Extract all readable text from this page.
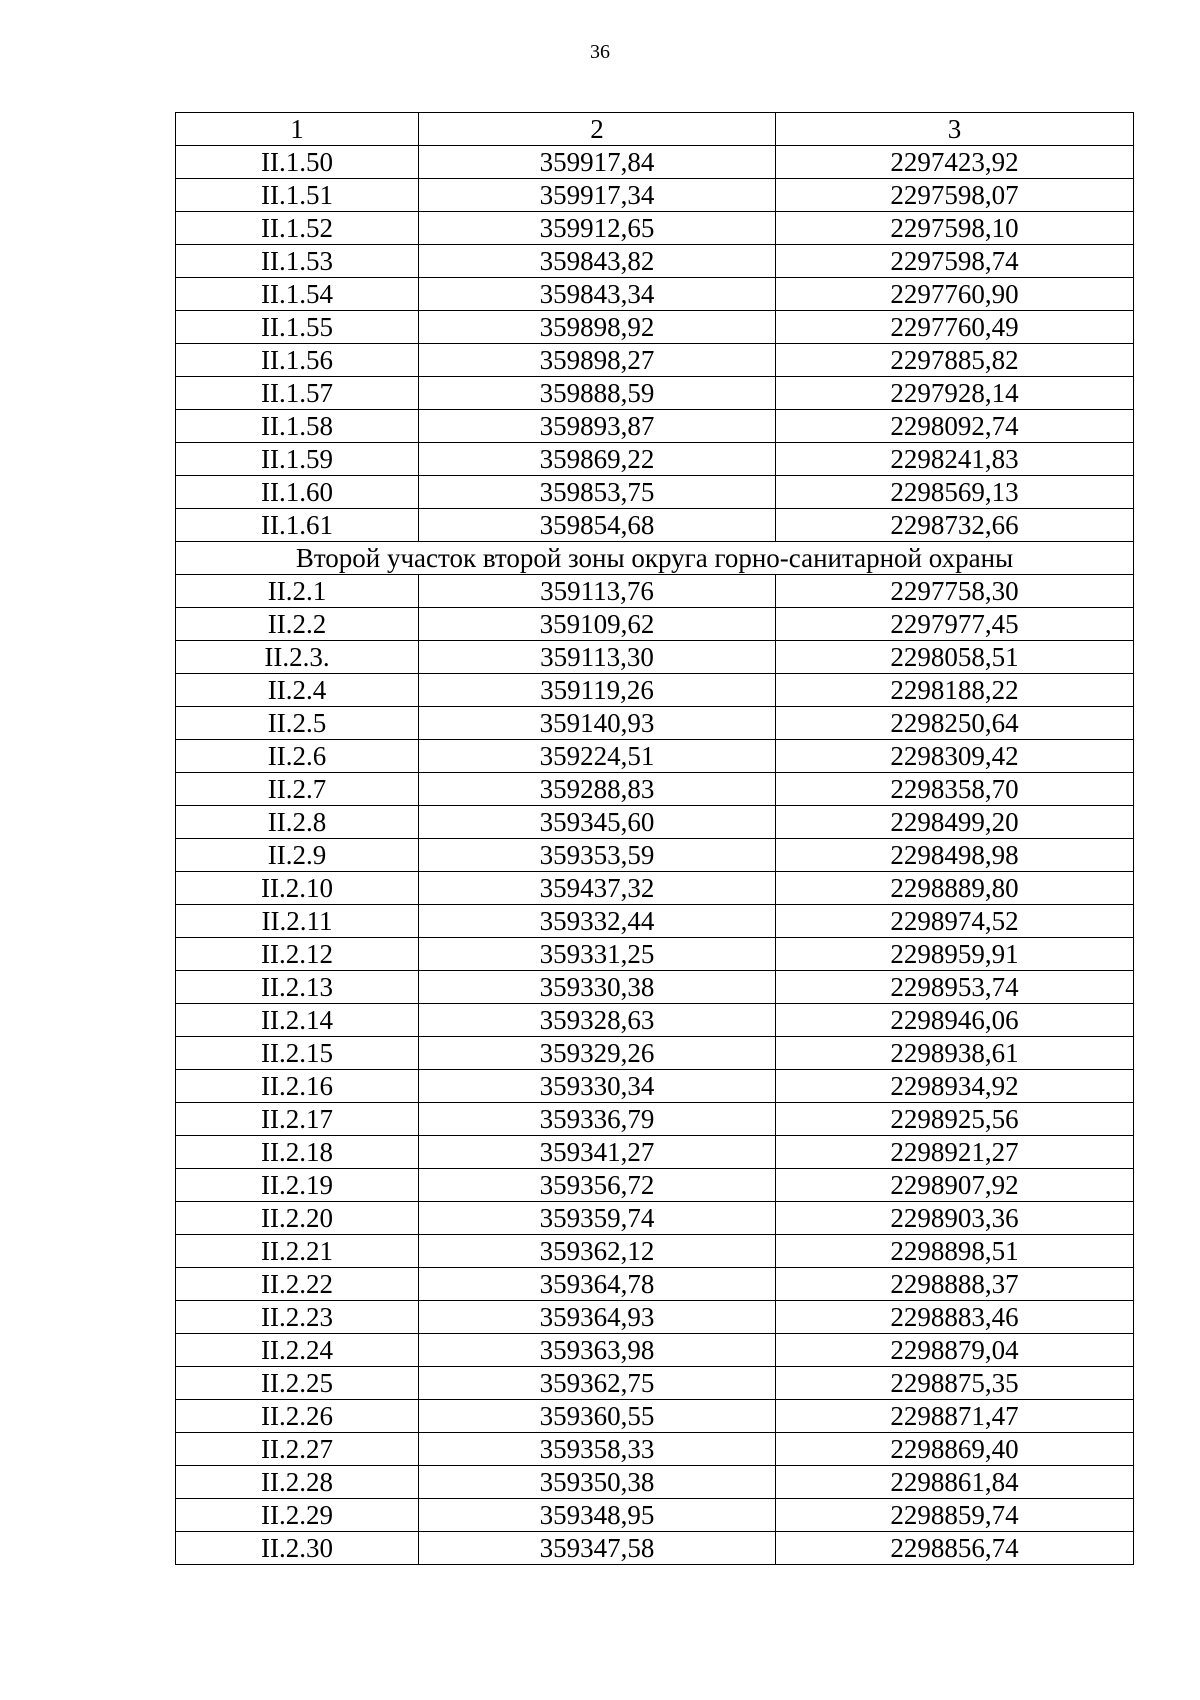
36
1	2	3
II.1.50	359917,84	2297423,92
II.1.51	359917,34	2297598,07
II.1.52	359912,65	2297598,10
II.1.53	359843,82	2297598,74
II.1.54	359843,34	2297760,90
II.1.55	359898,92	2297760,49
II.1.56	359898,27	2297885,82
II.1.57	359888,59	2297928,14
II.1.58	359893,87	2298092,74
II.1.59	359869,22	2298241,83
II.1.60	359853,75	2298569,13
II.1.61	359854,68	2298732,66
Второй участок второй зоны округа горно-санитарной охраны		
II.2.1	359113,76	2297758,30
II.2.2	359109,62	2297977,45
II.2.3.	359113,30	2298058,51
II.2.4	359119,26	2298188,22
II.2.5	359140,93	2298250,64
II.2.6	359224,51	2298309,42
II.2.7	359288,83	2298358,70
II.2.8	359345,60	2298499,20
II.2.9	359353,59	2298498,98
II.2.10	359437,32	2298889,80
II.2.11	359332,44	2298974,52
II.2.12	359331,25	2298959,91
II.2.13	359330,38	2298953,74
II.2.14	359328,63	2298946,06
II.2.15	359329,26	2298938,61
II.2.16	359330,34	2298934,92
II.2.17	359336,79	2298925,56
II.2.18	359341,27	2298921,27
II.2.19	359356,72	2298907,92
II.2.20	359359,74	2298903,36
II.2.21	359362,12	2298898,51
II.2.22	359364,78	2298888,37
II.2.23	359364,93	2298883,46
II.2.24	359363,98	2298879,04
II.2.25	359362,75	2298875,35
II.2.26	359360,55	2298871,47
II.2.27	359358,33	2298869,40
II.2.28	359350,38	2298861,84
II.2.29	359348,95	2298859,74
II.2.30	359347,58	2298856,74
